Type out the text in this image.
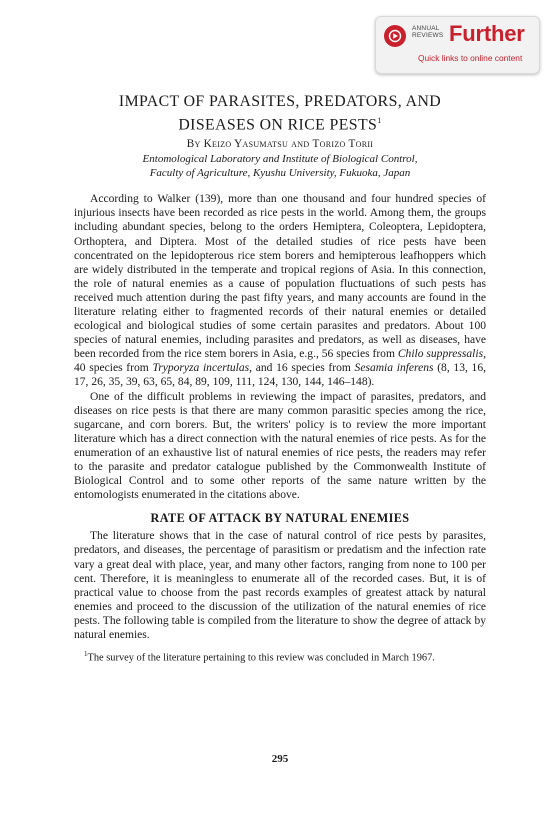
ANNUAL
REVIEWS Further
Quick links to online content
IMPACT OF PARASITES, PREDATORS, AND
DISEASES ON RICE PESTS$^1$

By Keizo Yasumatsu and Torizo Torii

Entomological Laboratory and Institute of Biological Control,
Faculty of Agriculture, Kyushu University, Fukuoka, Japan

According to Walker (139), more than one thousand and four hundred species of injurious insects have been recorded as rice pests in the world. Among them, the groups including abundant species, belong to the orders Hemiptera, Coleoptera, Lepidoptera, Orthoptera, and Diptera. Most of the detailed studies of rice pests have been concentrated on the lepidopterous rice stem borers and hemipterous leafhoppers which are widely distributed in the temperate and tropical regions of Asia. In this connection, the role of natural enemies as a cause of population fluctuations of such pests has received much attention during the past fifty years, and many accounts are found in the literature relating either to fragmented records of their natural enemies or detailed ecological and biological studies of some certain parasites and predators. About 100 species of natural enemies, including parasites and predators, as well as diseases, have been recorded from the rice stem borers in Asia, e.g., 56 species from Chilo suppressalis, 40 species from Tryporyza incertulas, and 16 species from Sesamia inferens (8, 13, 16, 17, 26, 35, 39, 63, 65, 84, 89, 109, 111, 124, 130, 144, 146–148).

One of the difficult problems in reviewing the impact of parasites, predators, and diseases on rice pests is that there are many common parasitic species among the rice, sugarcane, and corn borers. But, the writers' policy is to review the more important literature which has a direct connection with the natural enemies of rice pests. As for the enumeration of an exhaustive list of natural enemies of rice pests, the readers may refer to the parasite and predator catalogue published by the Commonwealth Institute of Biological Control and to some other reports of the same nature written by the entomologists enumerated in the citations above.

RATE OF ATTACK BY NATURAL ENEMIES

The literature shows that in the case of natural control of rice pests by parasites, predators, and diseases, the percentage of parasitism or predatism and the infection rate vary a great deal with place, year, and many other factors, ranging from none to 100 per cent. Therefore, it is meaningless to enumerate all of the recorded cases. But, it is of practical value to choose from the past records examples of greatest attack by natural enemies and proceed to the discussion of the utilization of the natural enemies of rice pests. The following table is compiled from the literature to show the degree of attack by natural enemies.

$^1$The survey of the literature pertaining to this review was concluded in March 1967.

295
